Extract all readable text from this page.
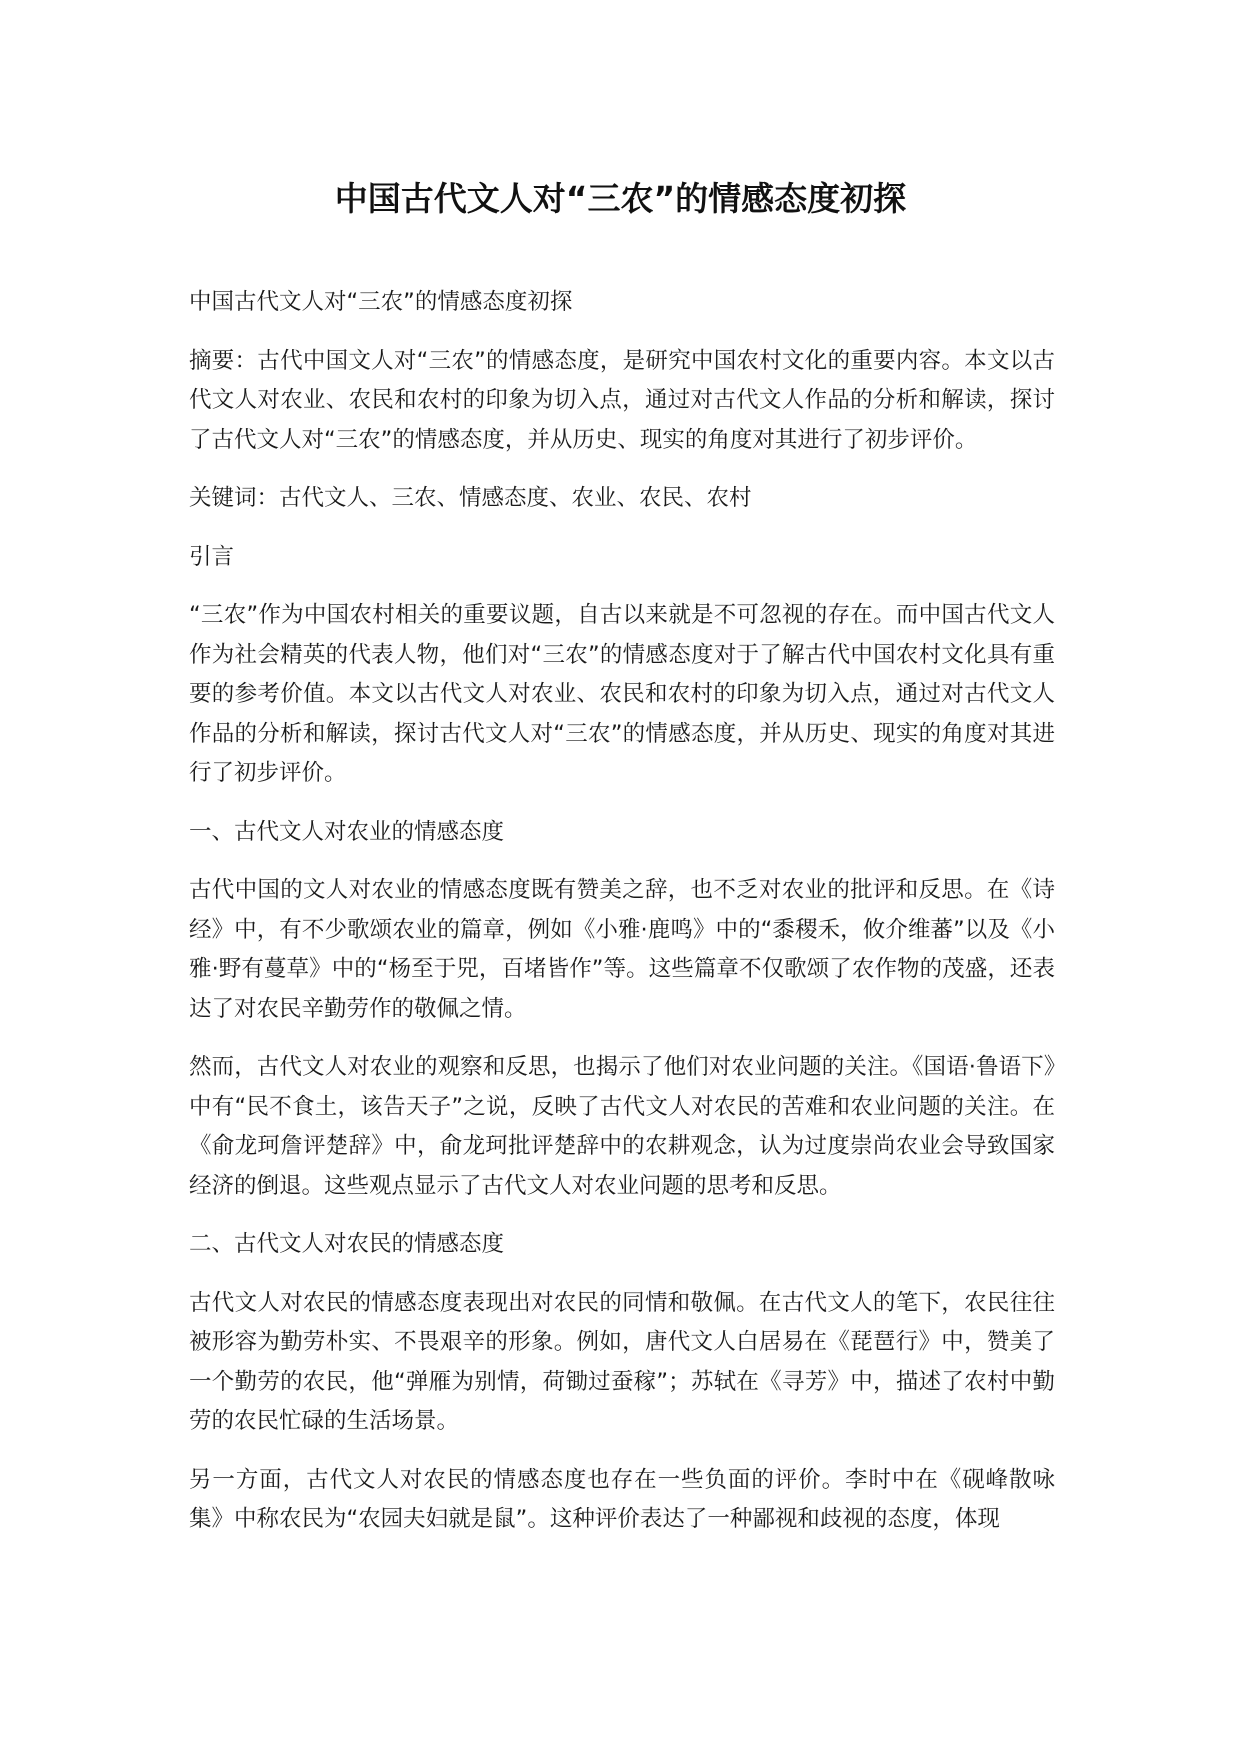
中国古代文人对“三农”的情感态度初探

中国古代文人对“三农”的情感态度初探

摘要：古代中国文人对“三农”的情感态度，是研究中国农村文化的重要内容。本文以古代文人对农业、农民和农村的印象为切入点，通过对古代文人作品的分析和解读，探讨了古代文人对“三农”的情感态度，并从历史、现实的角度对其进行了初步评价。

关键词：古代文人、三农、情感态度、农业、农民、农村

引言

“三农”作为中国农村相关的重要议题，自古以来就是不可忽视的存在。而中国古代文人作为社会精英的代表人物，他们对“三农”的情感态度对于了解古代中国农村文化具有重要的参考价值。本文以古代文人对农业、农民和农村的印象为切入点，通过对古代文人作品的分析和解读，探讨古代文人对“三农”的情感态度，并从历史、现实的角度对其进行了初步评价。

一、古代文人对农业的情感态度

古代中国的文人对农业的情感态度既有赞美之辞，也不乏对农业的批评和反思。在《诗经》中，有不少歌颂农业的篇章，例如《小雅·鹿鸣》中的“黍稷禾，攸介维蕃”以及《小雅·野有蔓草》中的“杨至于兕，百堵皆作”等。这些篇章不仅歌颂了农作物的茂盛，还表达了对农民辛勤劳作的敬佩之情。

然而，古代文人对农业的观察和反思，也揭示了他们对农业问题的关注。《国语·鲁语下》中有“民不食土，该告天子”之说，反映了古代文人对农民的苦难和农业问题的关注。在《俞龙珂詹评楚辞》中，俞龙珂批评楚辞中的农耕观念，认为过度崇尚农业会导致国家经济的倒退。这些观点显示了古代文人对农业问题的思考和反思。

二、古代文人对农民的情感态度

古代文人对农民的情感态度表现出对农民的同情和敬佩。在古代文人的笔下，农民往往被形容为勤劳朴实、不畏艰辛的形象。例如，唐代文人白居易在《琵琶行》中，赞美了一个勤劳的农民，他“弹雁为别情，荷锄过蚕稼”；苏轼在《寻芳》中，描述了农村中勤劳的农民忙碌的生活场景。

另一方面，古代文人对农民的情感态度也存在一些负面的评价。李时中在《砚峰散咏集》中称农民为“农园夫妇就是鼠”。这种评价表达了一种鄙视和歧视的态度，体现
